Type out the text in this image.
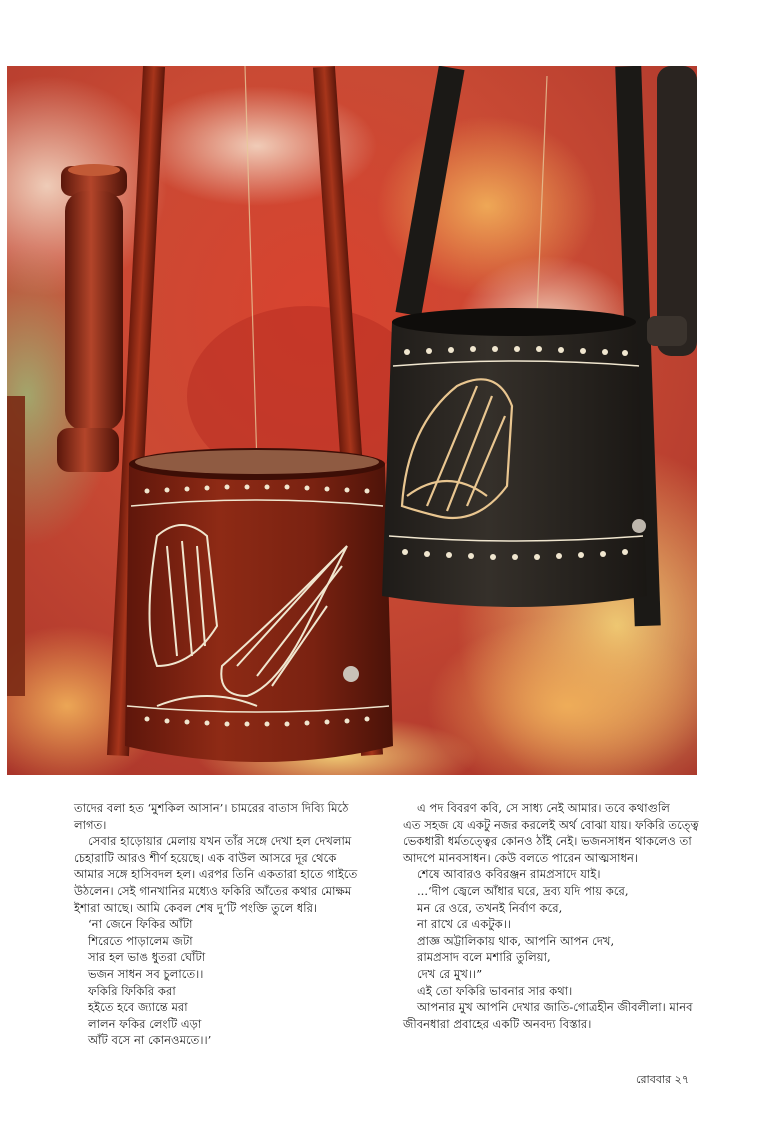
তাদের বলা হত ‘মুশকিল আসান’। চামরের বাতাস দিব্যি মিঠে

লাগত।

সেবার হাড়োয়ার মেলায় যখন তাঁর সঙ্গে দেখা হল দেখলাম

চেহারাটি আরও শীর্ণ হয়েছে। এক বাউল আসরে দূর থেকে

আমার সঙ্গে হাসিবদল হল। এরপর তিনি একতারা হাতে গাইতে

উঠলেন। সেই গানখানির মধ্যেও ফকিরি আঁতের কথার মোক্ষম

ইশারা আছে। আমি কেবল শেষ দু’টি পংক্তি তুলে ধরি।

‘না জেনে ফিকির আঁটা

শিরেতে পাড়ালেম জটা

সার হল ভাঙ ধুতরা ঘোঁটা

ভজন সাধন সব চুলাতে।।

ফকিরি ফিকিরি করা

হইতে হবে জ্যান্তে মরা

লালন ফকির লেংটি এড়া

আঁট বসে না কোনওমতে।।’

এ পদ বিবরণ কবি, সে সাধ্য নেই আমার। তবে কথাগুলি

এত সহজ যে একটু নজর করলেই অর্থ বোঝা যায়। ফকিরি তত্ত্বে

ভেকধারী ধর্মতত্ত্বের কোনও ঠাঁই নেই। ভজনসাধন থাকলেও তা

আদপে মানবসাধন। কেউ বলতে পারেন আত্মসাধন।

শেষে আবারও কবিরঞ্জন রামপ্রসাদে যাই।

...‘দীপ জ্বেলে আঁধার ঘরে, দ্রব্য যদি পায় করে,

মন রে ওরে, তখনই নির্বাণ করে,

না রাখে রে একটুক।।

প্রাজ্ঞ অট্টালিকায় থাক, আপনি আপন দেখ,

রামপ্রসাদ বলে মশারি তুলিয়া,

দেখ রে মুখ।।”

এই তো ফকিরি ভাবনার সার কথা।

আপনার মুখ আপনি দেখার জাতি-গোত্রহীন জীবলীলা। মানব

জীবনধারা প্রবাহের একটি অনবদ্য বিস্তার।

রোববার ২৭
